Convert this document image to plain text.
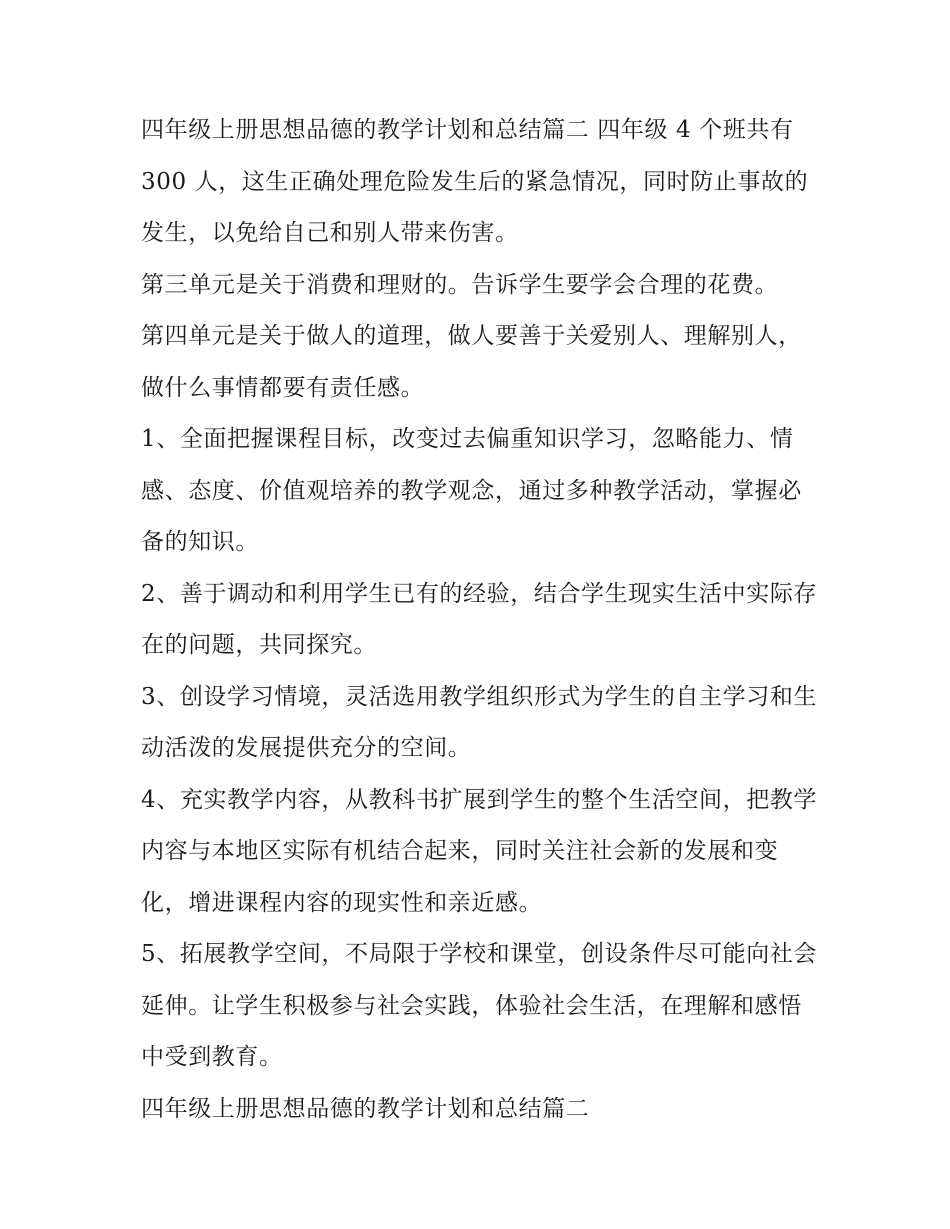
四年级上册思想品德的教学计划和总结篇二 四年级 4 个班共有 300 人，这生正确处理危险发生后的紧急情况，同时防止事故的发生，以免给自己和别人带来伤害。

第三单元是关于消费和理财的。告诉学生要学会合理的花费。

第四单元是关于做人的道理，做人要善于关爱别人、理解别人，做什么事情都要有责任感。

1、全面把握课程目标，改变过去偏重知识学习，忽略能力、情感、态度、价值观培养的教学观念，通过多种教学活动，掌握必备的知识。

2、善于调动和利用学生已有的经验，结合学生现实生活中实际存在的问题，共同探究。

3、创设学习情境，灵活选用教学组织形式为学生的自主学习和生动活泼的发展提供充分的空间。

4、充实教学内容，从教科书扩展到学生的整个生活空间，把教学内容与本地区实际有机结合起来，同时关注社会新的发展和变化，增进课程内容的现实性和亲近感。

5、拓展教学空间，不局限于学校和课堂，创设条件尽可能向社会延伸。让学生积极参与社会实践，体验社会生活，在理解和感悟中受到教育。

四年级上册思想品德的教学计划和总结篇二
